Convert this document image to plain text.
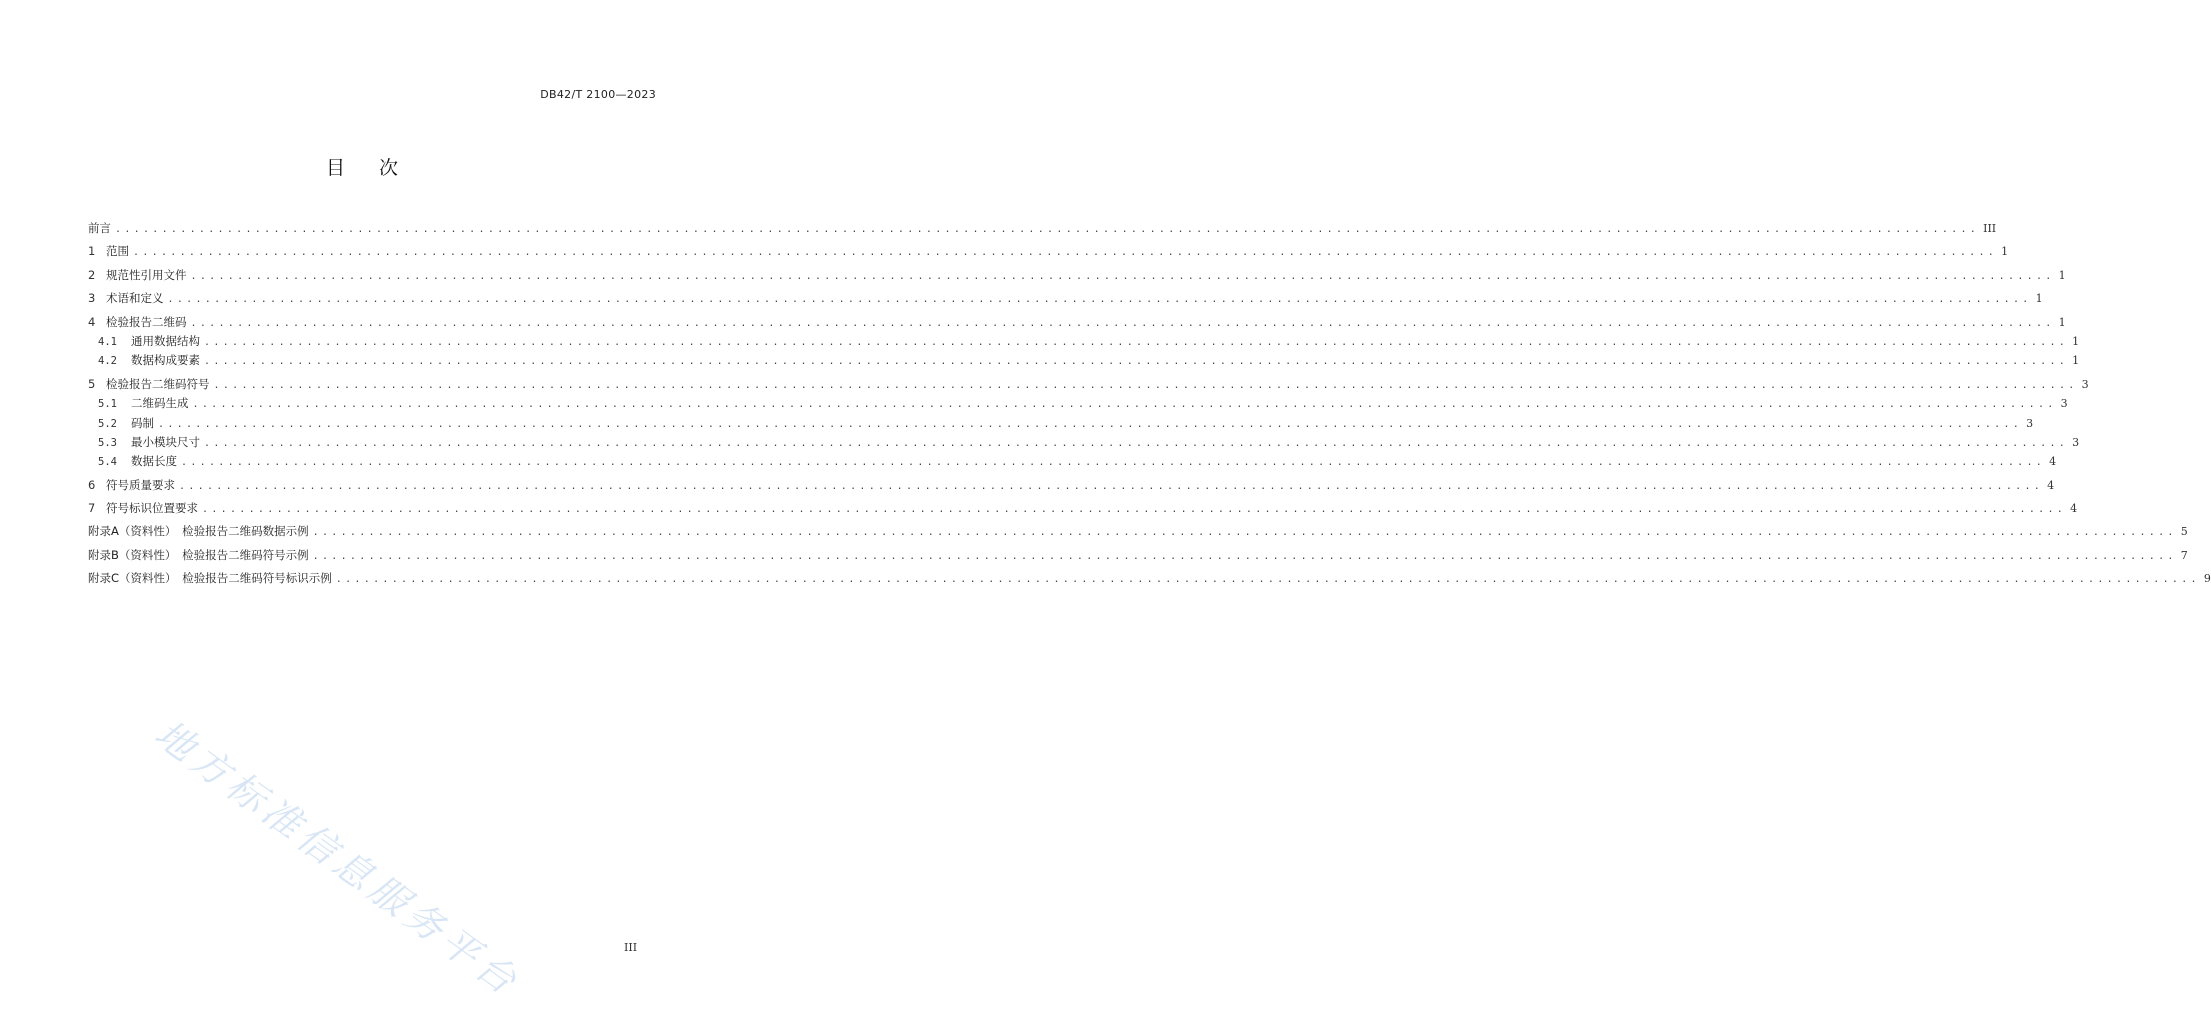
DB42/T 2100—2023
目次
前言 ........................................................................................................................................................................................................ III
1 范围 ........................................................................................................................................................................................................ 1
2 规范性引用文件 ........................................................................................................................................................................................................ 1
3 术语和定义 ........................................................................................................................................................................................................ 1
4 检验报告二维码 ........................................................................................................................................................................................................ 1
4.1	通用数据结构 ........................................................................................................................................................................................................ 1
4.2	数据构成要素 ........................................................................................................................................................................................................ 1
5 检验报告二维码符号 ........................................................................................................................................................................................................ 3
5.1	二维码生成 ........................................................................................................................................................................................................ 3
5.2	码制 ........................................................................................................................................................................................................ 3
5.3	最小模块尺寸 ........................................................................................................................................................................................................ 3
5.4	数据长度 ........................................................................................................................................................................................................ 4
6 符号质量要求 ........................................................................................................................................................................................................ 4
7 符号标识位置要求 ........................................................................................................................................................................................................ 4
附录A（资料性）　检验报告二维码数据示例 ........................................................................................................................................................................................................ 5
附录B（资料性）　检验报告二维码符号示例 ........................................................................................................................................................................................................ 7
附录C（资料性）　检验报告二维码符号标识示例 ........................................................................................................................................................................................................ 9
地方标准信息服务平台	III
